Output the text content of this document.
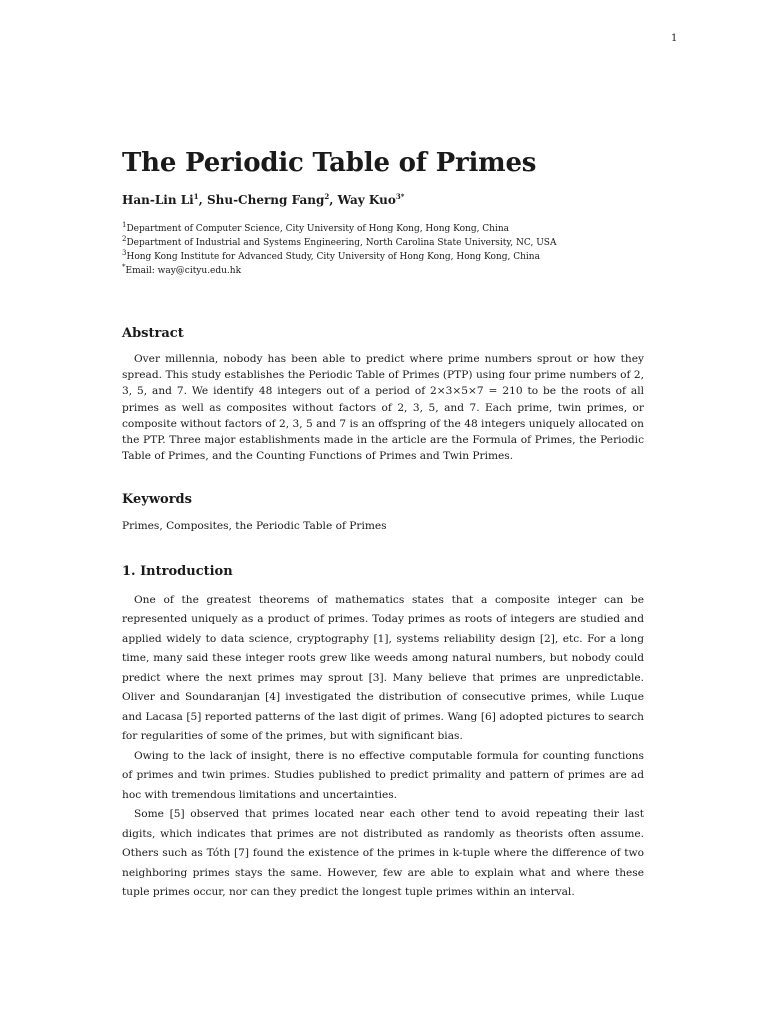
1
The Periodic Table of Primes
Han-Lin Li$^1$, Shu-Cherng Fang$^2$, Way Kuo$^{3*}$
$^1$Department of Computer Science, City University of Hong Kong, Hong Kong, China
$^2$Department of Industrial and Systems Engineering, North Carolina State University, NC, USA
$^3$Hong Kong Institute for Advanced Study, City University of Hong Kong, Hong Kong, China
*Email: way@cityu.edu.hk
Abstract

Over millennia, nobody has been able to predict where prime numbers sprout or how they spread. This study establishes the Periodic Table of Primes (PTP) using four prime numbers of 2, 3, 5, and 7. We identify 48 integers out of a period of 2×3×5×7 = 210 to be the roots of all primes as well as composites without factors of 2, 3, 5, and 7. Each prime, twin primes, or composite without factors of 2, 3, 5 and 7 is an offspring of the 48 integers uniquely allocated on the PTP. Three major establishments made in the article are the Formula of Primes, the Periodic Table of Primes, and the Counting Functions of Primes and Twin Primes.

Keywords

Primes, Composites, the Periodic Table of Primes

1. Introduction

One of the greatest theorems of mathematics states that a composite integer can be represented uniquely as a product of primes. Today primes as roots of integers are studied and applied widely to data science, cryptography [1], systems reliability design [2], etc. For a long time, many said these integer roots grew like weeds among natural numbers, but nobody could predict where the next primes may sprout [3]. Many believe that primes are unpredictable. Oliver and Soundaranjan [4] investigated the distribution of consecutive primes, while Luque and Lacasa [5] reported patterns of the last digit of primes. Wang [6] adopted pictures to search for regularities of some of the primes, but with significant bias.

Owing to the lack of insight, there is no effective computable formula for counting functions of primes and twin primes. Studies published to predict primality and pattern of primes are ad hoc with tremendous limitations and uncertainties.

Some [5] observed that primes located near each other tend to avoid repeating their last digits, which indicates that primes are not distributed as randomly as theorists often assume. Others such as Tóth [7] found the existence of the primes in k-tuple where the difference of two neighboring primes stays the same. However, few are able to explain what and where these tuple primes occur, nor can they predict the longest tuple primes within an interval.
